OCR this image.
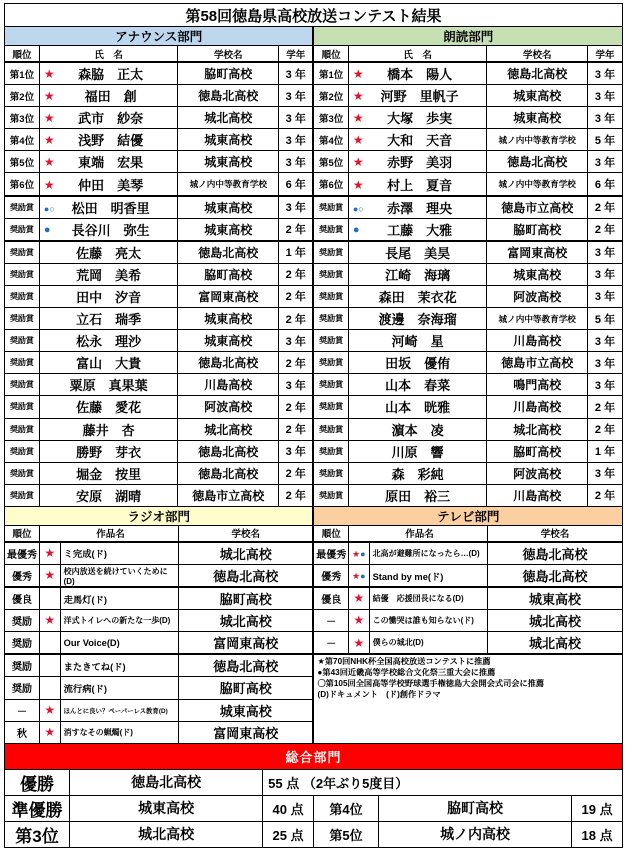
第58回徳島県高校放送コンテスト結果
アナウンス部門				朗読部門			
順位	氏　名	学校名	学年	順位	氏　名	学校名	学年
第1位	★ 森脇　正太	脇町高校	3 年	第1位	★ 橋本　陽人	徳島北高校	3 年
第2位	★ 福田　創	徳島北高校	3 年	第2位	★ 河野　里帆子	城東高校	3 年
第3位	★ 武市　紗奈	城北高校	3 年	第3位	★ 大塚　歩実	城東高校	3 年
第4位	★ 浅野　結優	城東高校	3 年	第4位	★ 大和　天音	城ノ内中等教育学校	5 年
第5位	★ 東端　宏果	城東高校	3 年	第5位	★ 赤野　美羽	徳島北高校	3 年
第6位	★ 仲田　美琴	城ノ内中等教育学校	6 年	第6位	★ 村上　夏音	城ノ内中等教育学校	6 年
奨励賞	●○ 松田　明香里	城東高校	3 年	奨励賞	●○ 赤澤　理央	徳島市立高校	2 年
奨励賞	● 長谷川　弥生	城東高校	2 年	奨励賞	● 工藤　大雅	脇町高校	2 年
奨励賞	佐藤　亮太	徳島北高校	1 年	奨励賞	長尾　美昊	富岡東高校	3 年
奨励賞	荒岡　美希	脇町高校	2 年	奨励賞	江崎　海璃	城東高校	3 年
奨励賞	田中　汐音	富岡東高校	2 年	奨励賞	森田　茉衣花	阿波高校	3 年
奨励賞	立石　瑞季	城東高校	2 年	奨励賞	渡邊　奈海瑠	城ノ内中等教育学校	5 年
奨励賞	松永　理沙	城東高校	3 年	奨励賞	河崎　星	川島高校	3 年
奨励賞	富山　大貴	徳島北高校	2 年	奨励賞	田坂　優侑	徳島市立高校	3 年
奨励賞	粟原　真果葉	川島高校	3 年	奨励賞	山本　春菜	鳴門高校	3 年
奨励賞	佐藤　愛花	阿波高校	2 年	奨励賞	山本　晄雅	川島高校	2 年
奨励賞	藤井　杏	城北高校	2 年	奨励賞	濵本　凌	城北高校	2 年
奨励賞	勝野　芽衣	徳島北高校	3 年	奨励賞	川原　響	脇町高校	1 年
奨励賞	堀金　按里	徳島北高校	2 年	奨励賞	森　彩純	阿波高校	3 年
奨励賞	安原　湖晴	徳島市立高校	2 年	奨励賞	原田　裕三	川島高校	2 年
ラジオ部門				テレビ部門			
順位	作品名		学校名	順位	作品名		学校名
最優秀	★	ミ完成(ド)	城北高校	最優秀	★●	北高が避難所になったら…(D)	徳島北高校
優秀	★	校内放送を続けていくために(D)	徳島北高校	優秀	★●	Stand by me(ド)	徳島北高校
優良		走馬灯(ド)	脇町高校	優良	★	結優　応援団長になる(D)	城東高校
奨励	★	洋式トイレへの新たな一歩(D)	城北高校	－	★	この慟哭は誰も知らない(ド)	城北高校
奨励		Our Voice(D)	富岡東高校	－	★	僕らの城北(D)	城北高校
奨励		またきてね(ド)	徳島北高校	★第70回NHK杯全国高校放送コンテストに推薦
●第43回近畿高等学校総合文化祭三重大会に推薦
〇第105回全国高等学校野球選手権徳島大会開会式司会に推薦
(D)ドキュメント　(ド)創作ドラマ			

奨励		流行病(ド)	脇町高校				
－	★	ほんとに良い？ペーパーレス教育(D)	城東高校				
秋	★	消すなその蝋燭(ド)	富岡東高校				
総合部門					
優勝	徳島北高校	55 点 （2年ぶり5度目）			
準優勝	城東高校	40 点	第4位	脇町高校	19 点
第3位	城北高校	25 点	第5位	城ノ内高校	18 点
